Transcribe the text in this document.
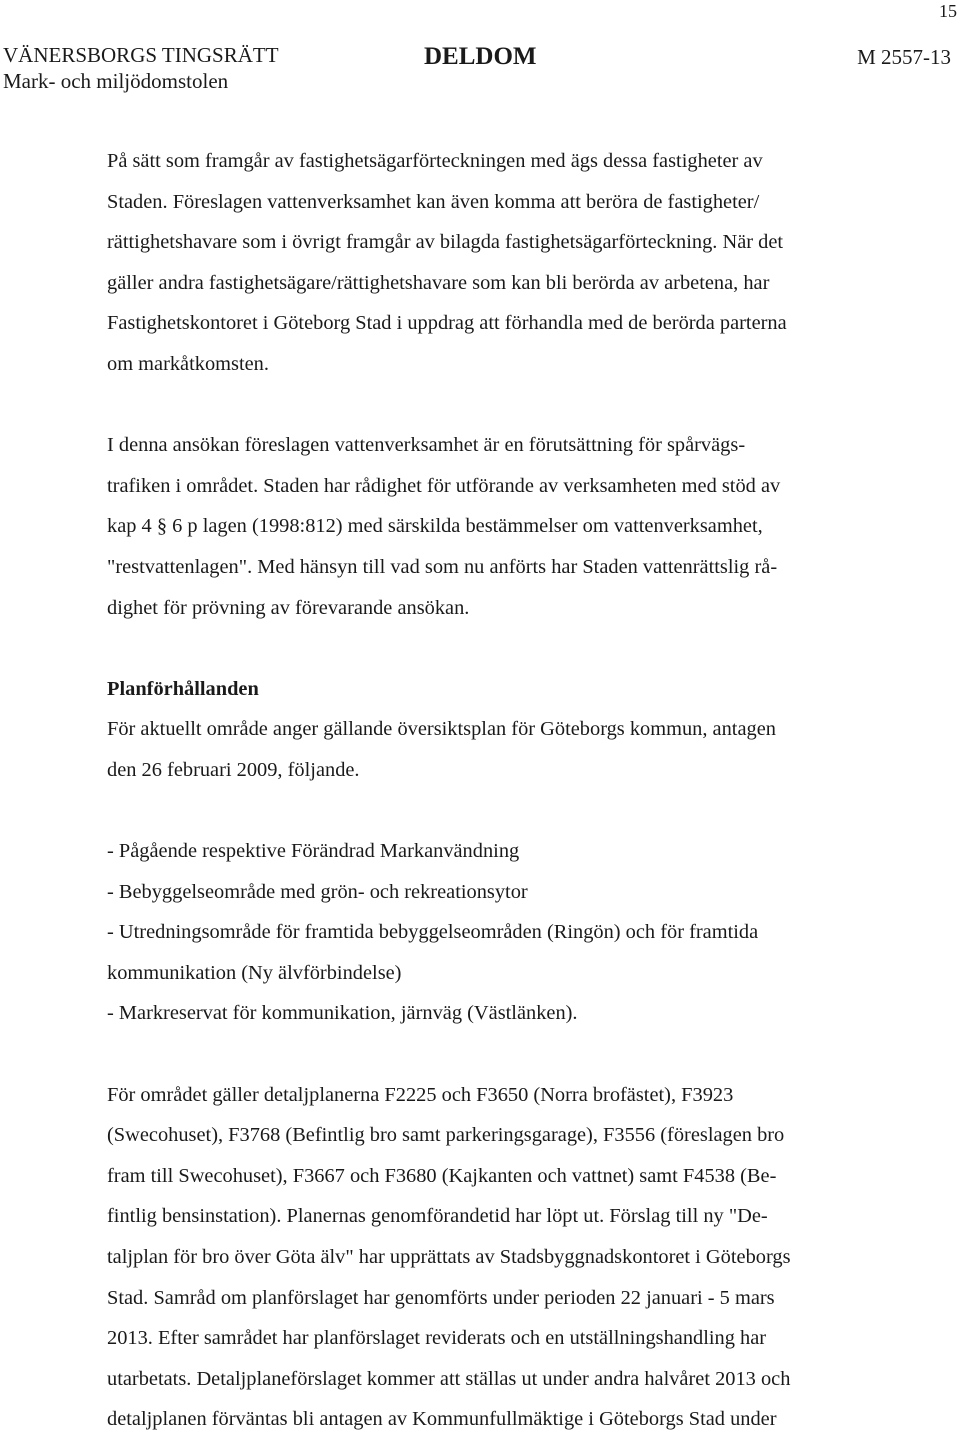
15
VÄNERSBORGS TINGSRÄTT
Mark- och miljödomstolen
DELDOM	M 2557-13

På sätt som framgår av fastighetsägarförteckningen med ägs dessa fastigheter av
Staden. Föreslagen vattenverksamhet kan även komma att beröra de fastigheter/
rättighetshavare som i övrigt framgår av bilagda fastighetsägarförteckning. När det
gäller andra fastighetsägare/rättighetshavare som kan bli berörda av arbetena, har
Fastighetskontoret i Göteborg Stad i uppdrag att förhandla med de berörda parterna
om markåtkomsten.

I denna ansökan föreslagen vattenverksamhet är en förutsättning för spårvägs-
trafiken i området. Staden har rådighet för utförande av verksamheten med stöd av
kap 4 § 6 p lagen (1998:812) med särskilda bestämmelser om vattenverksamhet,
"restvattenlagen". Med hänsyn till vad som nu anförts har Staden vattenrättslig rå-
dighet för prövning av förevarande ansökan.

Planförhållanden
För aktuellt område anger gällande översiktsplan för Göteborgs kommun, antagen
den 26 februari 2009, följande.

- Pågående respektive Förändrad Markanvändning
- Bebyggelseområde med grön- och rekreationsytor
- Utredningsområde för framtida bebyggelseområden (Ringön) och för framtida
kommunikation (Ny älvförbindelse)
- Markreservat för kommunikation, järnväg (Västlänken).

För området gäller detaljplanerna F2225 och F3650 (Norra brofästet), F3923
(Swecohuset), F3768 (Befintlig bro samt parkeringsgarage), F3556 (föreslagen bro
fram till Swecohuset), F3667 och F3680 (Kajkanten och vattnet) samt F4538 (Be-
fintlig bensinstation). Planernas genomförandetid har löpt ut. Förslag till ny "De-
taljplan för bro över Göta älv" har upprättats av Stadsbyggnadskontoret i Göteborgs
Stad. Samråd om planförslaget har genomförts under perioden 22 januari - 5 mars
2013. Efter samrådet har planförslaget reviderats och en utställningshandling har
utarbetats. Detaljplaneförslaget kommer att ställas ut under andra halvåret 2013 och
detaljplanen förväntas bli antagen av Kommunfullmäktige i Göteborgs Stad under
